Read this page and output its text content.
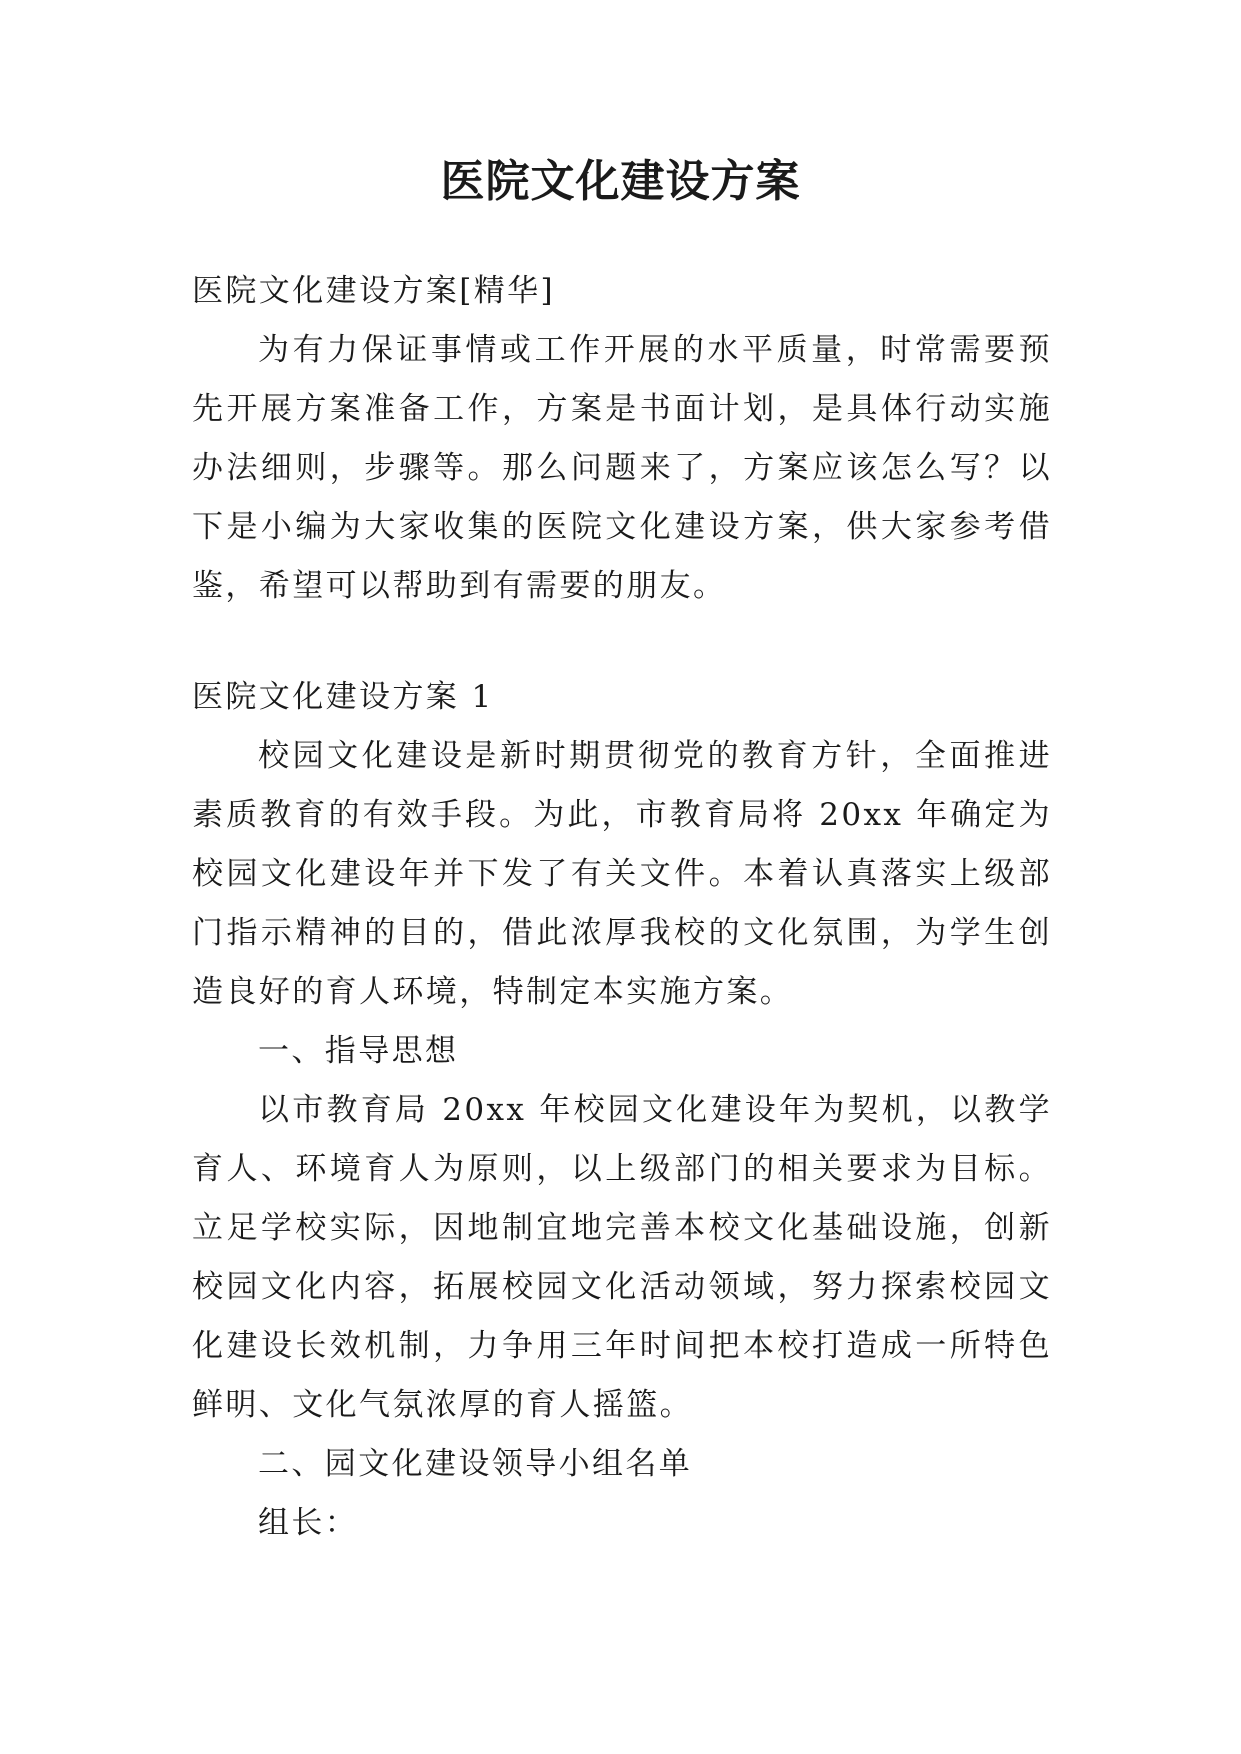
医院文化建设方案

医院文化建设方案[精华]

为有力保证事情或工作开展的水平质量，时常需要预先开展方案准备工作，方案是书面计划，是具体行动实施办法细则，步骤等。那么问题来了，方案应该怎么写？以下是小编为大家收集的医院文化建设方案，供大家参考借鉴，希望可以帮助到有需要的朋友。

医院文化建设方案 1

校园文化建设是新时期贯彻党的教育方针，全面推进素质教育的有效手段。为此，市教育局将 20xx 年确定为校园文化建设年并下发了有关文件。本着认真落实上级部门指示精神的目的，借此浓厚我校的文化氛围，为学生创造良好的育人环境，特制定本实施方案。

一、指导思想

以市教育局 20xx 年校园文化建设年为契机，以教学育人、环境育人为原则，以上级部门的相关要求为目标。立足学校实际，因地制宜地完善本校文化基础设施，创新校园文化内容，拓展校园文化活动领域，努力探索校园文化建设长效机制，力争用三年时间把本校打造成一所特色鲜明、文化气氛浓厚的育人摇篮。

二、园文化建设领导小组名单

组长：
